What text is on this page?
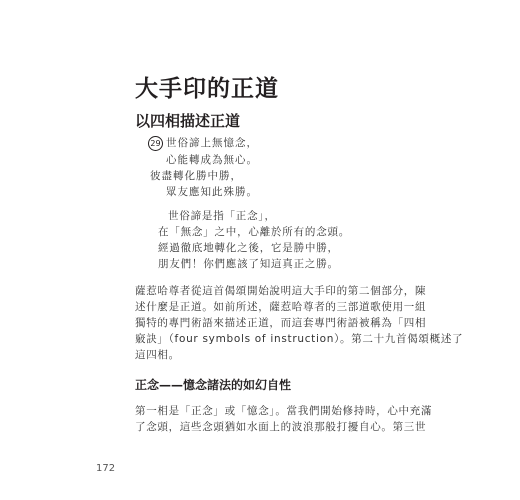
大手印的正道
以四相描述正道
29 世俗諦上無憶念，
心能轉成為無心。
彼盡轉化勝中勝，
眾友應知此殊勝。
世俗諦是指「正念」，
在「無念」之中，心離於所有的念頭。
經過徹底地轉化之後，它是勝中勝，
朋友們！你們應該了知這真正之勝。
薩惹哈尊者從這首偈頌開始說明這大手印的第二個部分，陳
述什麼是正道。如前所述，薩惹哈尊者的三部道歌使用一組
獨特的專門術語來描述正道，而這套專門術語被稱為「四相
竅訣」（four symbols of instruction）。第二十九首偈頌概述了
這四相。
正念——憶念諸法的如幻自性
第一相是「正念」或「憶念」。當我們開始修持時，心中充滿
了念頭，這些念頭猶如水面上的波浪那般打擾自心。第三世
172
